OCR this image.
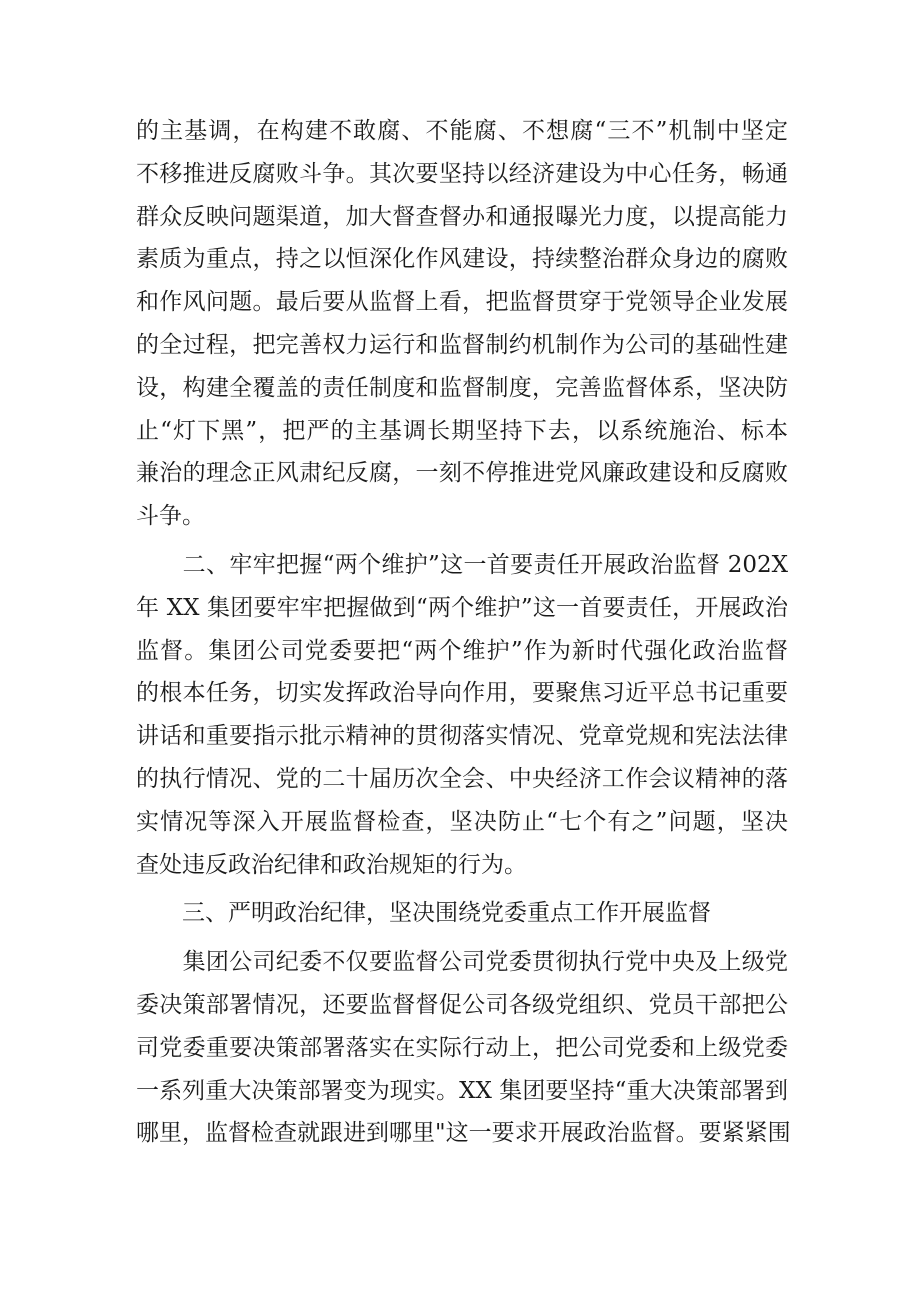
的主基调，在构建不敢腐、不能腐、不想腐“三不”机制中坚定
不移推进反腐败斗争。其次要坚持以经济建设为中心任务，畅通
群众反映问题渠道，加大督查督办和通报曝光力度，以提高能力
素质为重点，持之以恒深化作风建设，持续整治群众身边的腐败
和作风问题。最后要从监督上看，把监督贯穿于党领导企业发展
的全过程，把完善权力运行和监督制约机制作为公司的基础性建
设，构建全覆盖的责任制度和监督制度，完善监督体系，坚决防
止“灯下黑”，把严的主基调长期坚持下去，以系统施治、标本
兼治的理念正风肃纪反腐，一刻不停推进党风廉政建设和反腐败
斗争。
　　二、牢牢把握“两个维护”这一首要责任开展政治监督 202X
年 XX 集团要牢牢把握做到“两个维护”这一首要责任，开展政治
监督。集团公司党委要把“两个维护”作为新时代强化政治监督
的根本任务，切实发挥政治导向作用，要聚焦习近平总书记重要
讲话和重要指示批示精神的贯彻落实情况、党章党规和宪法法律
的执行情况、党的二十届历次全会、中央经济工作会议精神的落
实情况等深入开展监督检查，坚决防止“七个有之”问题，坚决
查处违反政治纪律和政治规矩的行为。
　　三、严明政治纪律，坚决围绕党委重点工作开展监督
　　集团公司纪委不仅要监督公司党委贯彻执行党中央及上级党
委决策部署情况，还要监督督促公司各级党组织、党员干部把公
司党委重要决策部署落实在实际行动上，把公司党委和上级党委
一系列重大决策部署变为现实。XX 集团要坚持“重大决策部署到
哪里，监督检查就跟进到哪里"这一要求开展政治监督。要紧紧围
